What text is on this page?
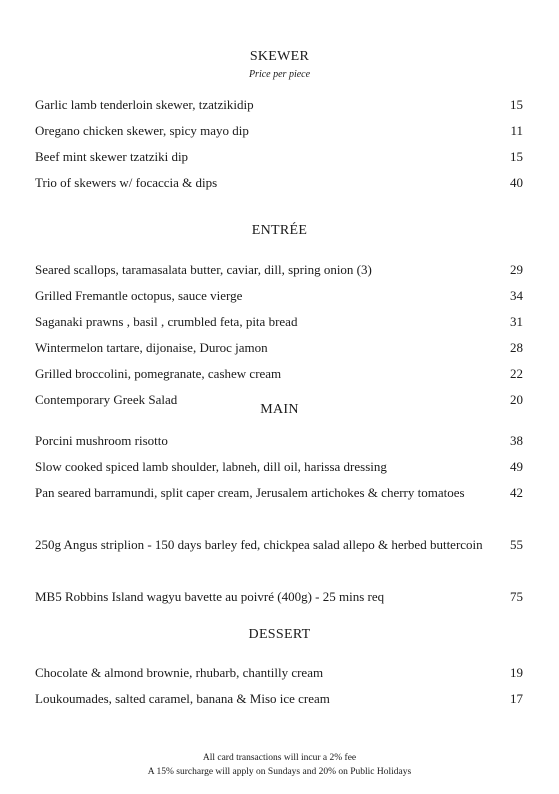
SKEWER
Price per piece
Garlic lamb tenderloin skewer, tzatzikidip	15
Oregano chicken skewer, spicy mayo dip	11
Beef mint skewer tzatziki dip	15
Trio of skewers w/ focaccia & dips	40
ENTRÉE
Seared scallops, taramasalata butter, caviar, dill, spring onion (3)	29
Grilled Fremantle octopus, sauce vierge	34
Saganaki prawns , basil , crumbled feta, pita bread	31
Wintermelon tartare, dijonaise, Duroc jamon	28
Grilled broccolini, pomegranate, cashew cream	22
Contemporary Greek Salad	20
MAIN
Porcini mushroom risotto	38
Slow cooked spiced lamb shoulder, labneh, dill oil, harissa dressing	49
Pan seared barramundi, split caper cream, Jerusalem artichokes & cherry tomatoes	42
250g Angus striplion - 150 days barley fed, chickpea salad allepo & herbed buttercoin	55
MB5 Robbins Island wagyu bavette au poivré (400g) - 25 mins req	75
DESSERT
Chocolate & almond brownie, rhubarb, chantilly cream	19
Loukoumades, salted caramel, banana & Miso ice cream	17
All card transactions will incur a 2% fee
A 15% surcharge will apply on Sundays and 20% on Public Holidays
